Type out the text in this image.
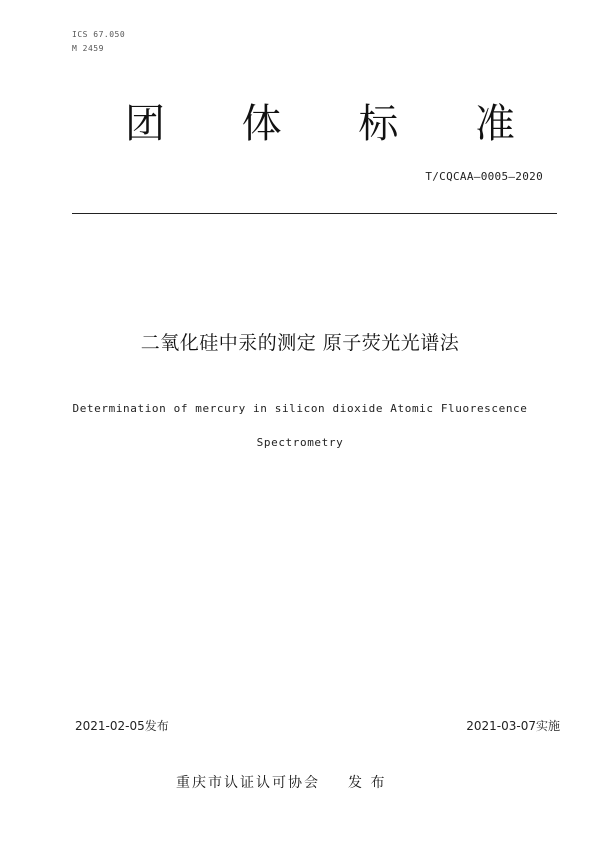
ICS 67.050
M 2459
团 体 标 准
T/CQCAA—0005—2020
二氧化硅中汞的测定 原子荧光光谱法
Determination of mercury in silicon dioxide Atomic Fluorescence
Spectrometry
2021-02-05发布	2021-03-07实施
重庆市认证认可协会 发 布
